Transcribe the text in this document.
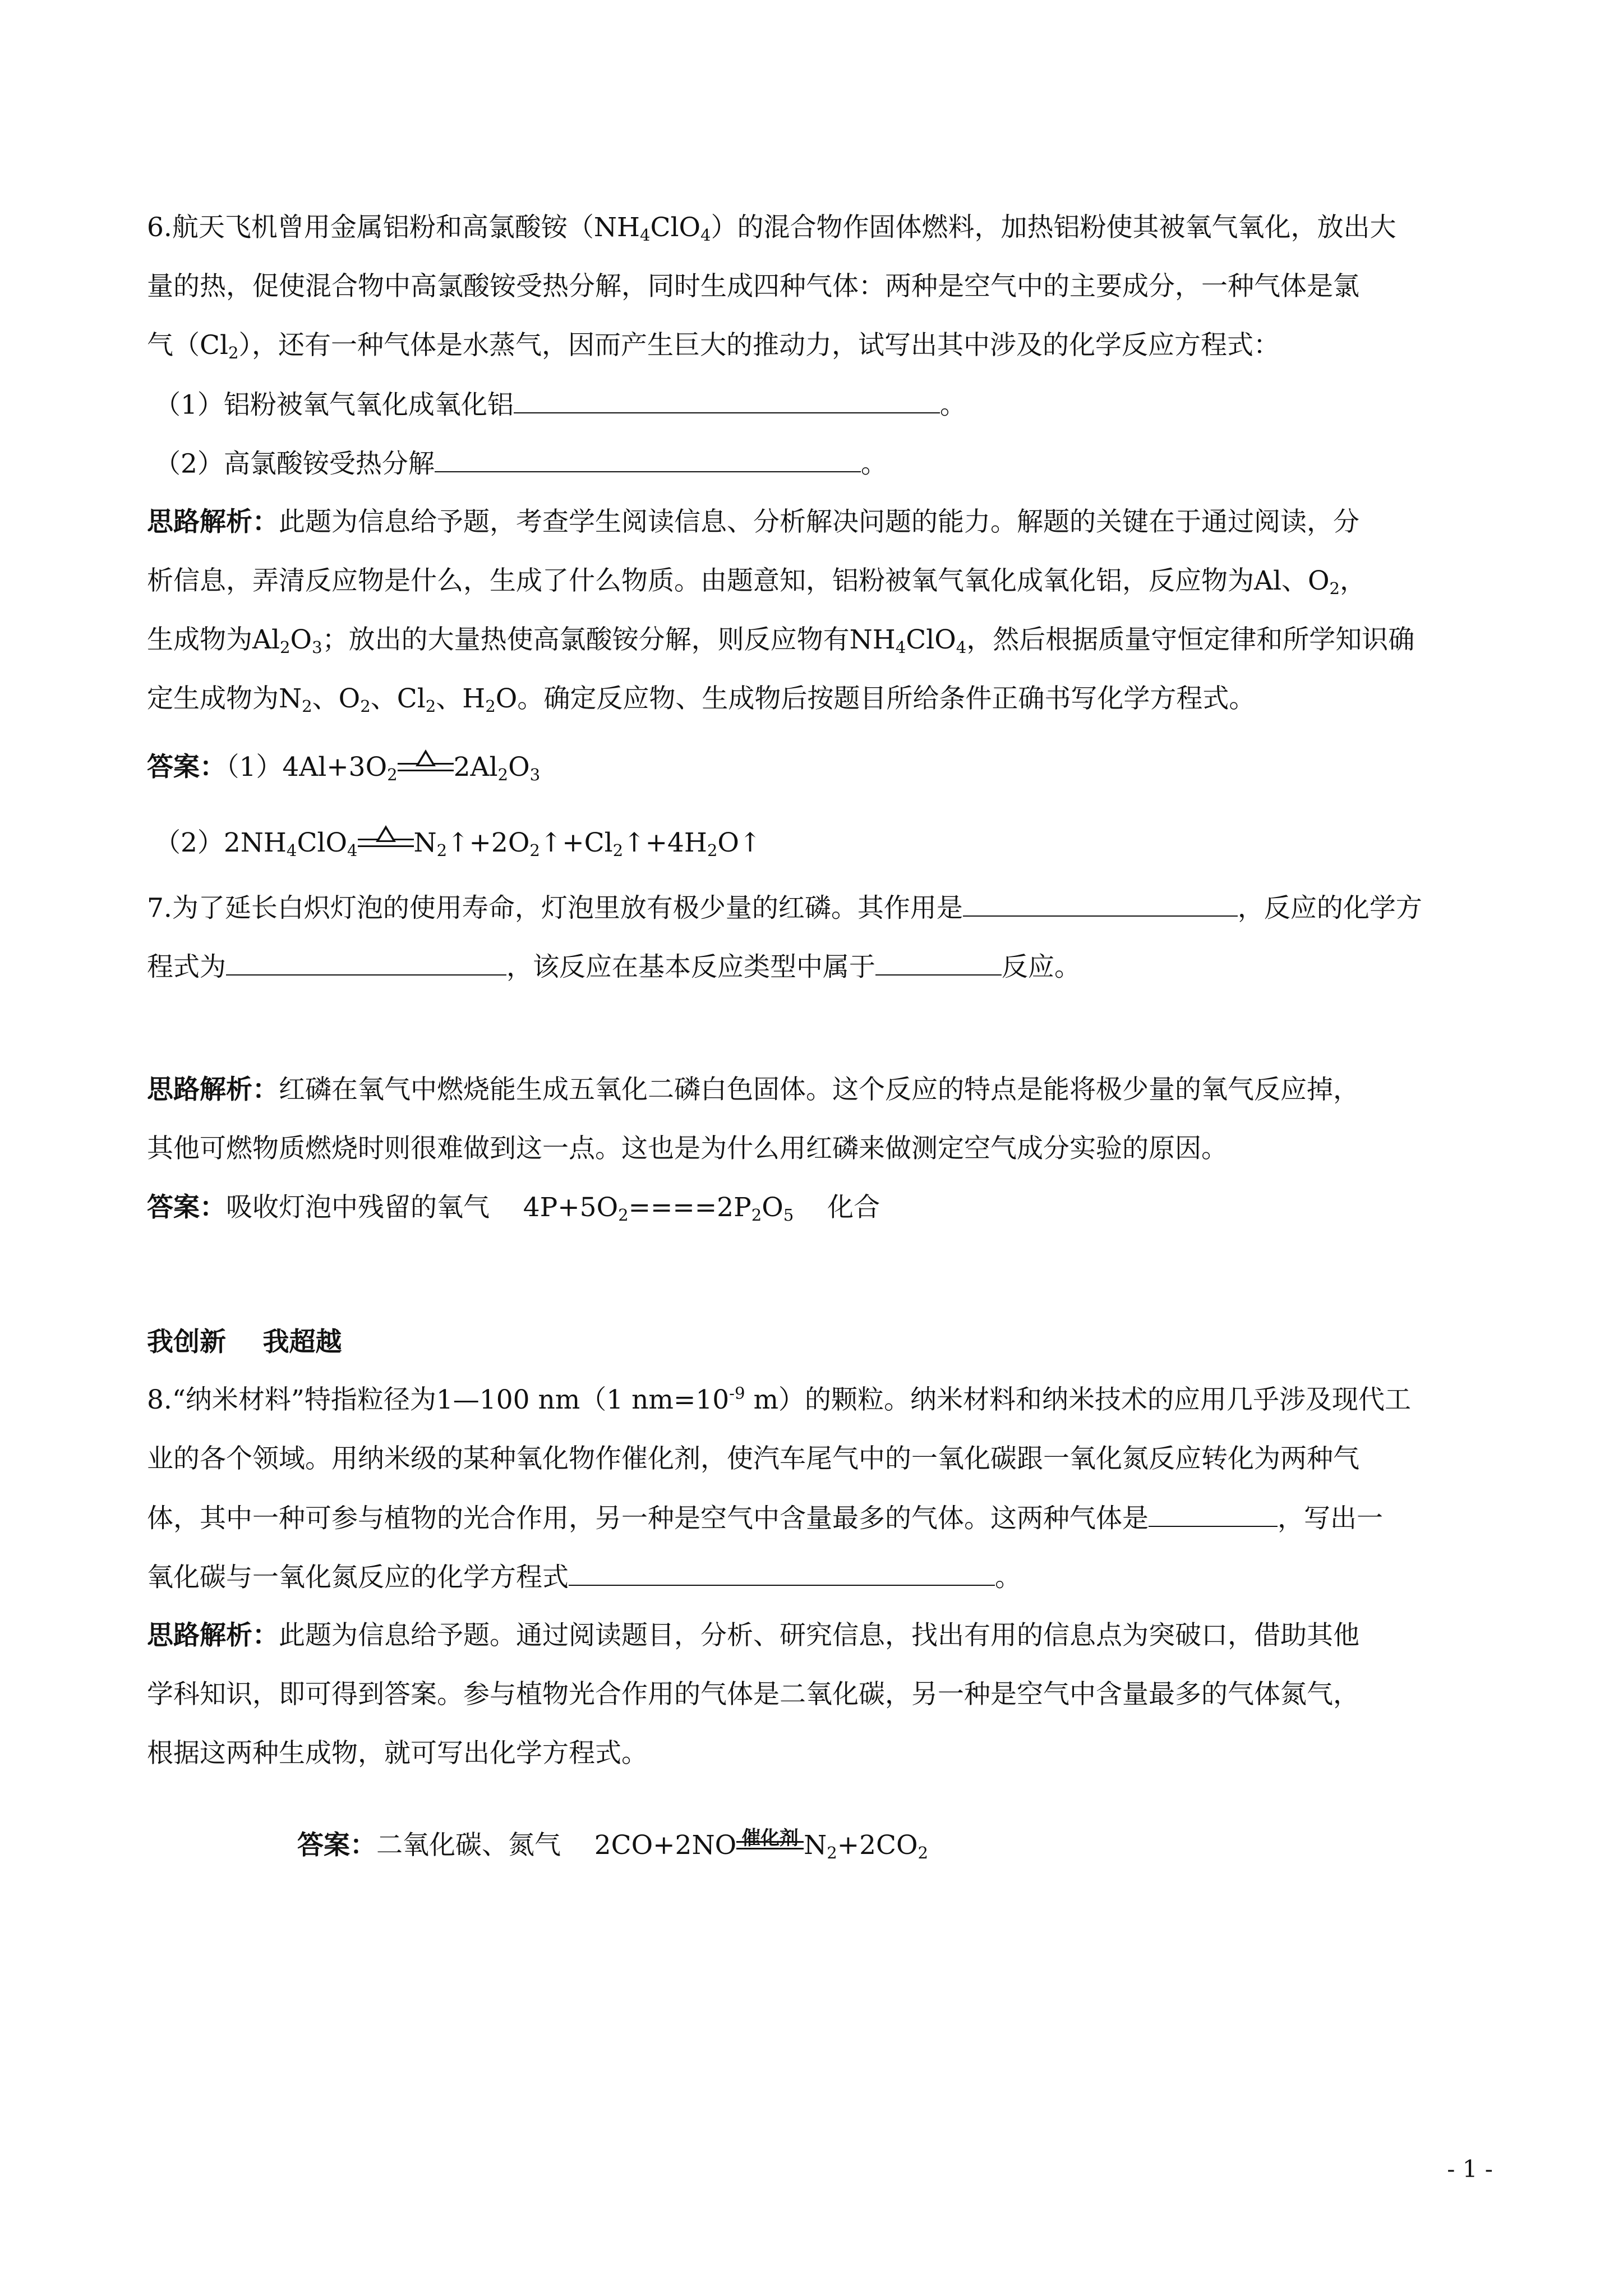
6.航天飞机曾用金属铝粉和高氯酸铵$(NH_4ClO_4)$的混合物作固体燃料，加热铝粉使其被氧气氧化，放出大
量的热，促使混合物中高氯酸铵受热分解，同时生成四种气体：两种是空气中的主要成分，一种气体是氯
气$(Cl_2)$，还有一种气体是水蒸气，因而产生巨大的推动力，试写出其中涉及的化学反应方程式：
（1）铝粉被氧气氧化成氧化铝	。
（2）高氯酸铵受热分解	。
思路解析：此题为信息给予题，考查学生阅读信息、分析解决问题的能力。解题的关键在于通过阅读，分
析信息，弄清反应物是什么，生成了什么物质。由题意知，铝粉被氧气氧化成氧化铝，反应物为Al、$O_2$，
生成物为$Al_2O_3$；放出的大量热使高氯酸铵分解，则反应物有$NH_4ClO_4$，然后根据质量守恒定律和所学知识确
定生成物为$N_2$、$O_2$、$Cl_2$、$H_2O$。确定反应物、生成物后按题目所给条件正确书写化学方程式。
答案：$(1)4Al+3O_2$ $2Al_2O_3$
$(2)2NH_4ClO_4$ $N_2↑+2O_2↑+Cl_2↑+4H_2O↑$
7.为了延长白炽灯泡的使用寿命，灯泡里放有极少量的红磷。其作用是	，反应的化学方
程式为	，该反应在基本反应类型中属于	反应。
思路解析：红磷在氧气中燃烧能生成五氧化二磷白色固体。这个反应的特点是能将极少量的氧气反应掉，
其他可燃物质燃烧时则很难做到这一点。这也是为什么用红磷来做测定空气成分实验的原因。
答案：吸收灯泡中残留的氧气    $4P+5O_2====2P_2O_5$    化合
我创新    我超越
8.“纳米材料”特指粒径为1—100 nm（1 $nm=10^{-9}$ m）的颗粒。纳米材料和纳米技术的应用几乎涉及现代工
业的各个领域。用纳米级的某种氧化物作催化剂，使汽车尾气中的一氧化碳跟一氧化氮反应转化为两种气
体，其中一种可参与植物的光合作用，另一种是空气中含量最多的气体。这两种气体是	，写出一
氧化碳与一氧化氮反应的化学方程式	。
思路解析：此题为信息给予题。通过阅读题目，分析、研究信息，找出有用的信息点为突破口，借助其他
学科知识，即可得到答案。参与植物光合作用的气体是二氧化碳，另一种是空气中含量最多的气体氮气，
根据这两种生成物，就可写出化学方程式。
答案：二氧化碳、氮气    2CO+2NO 催化剂 $N_2+2CO_2$
- 1 -
